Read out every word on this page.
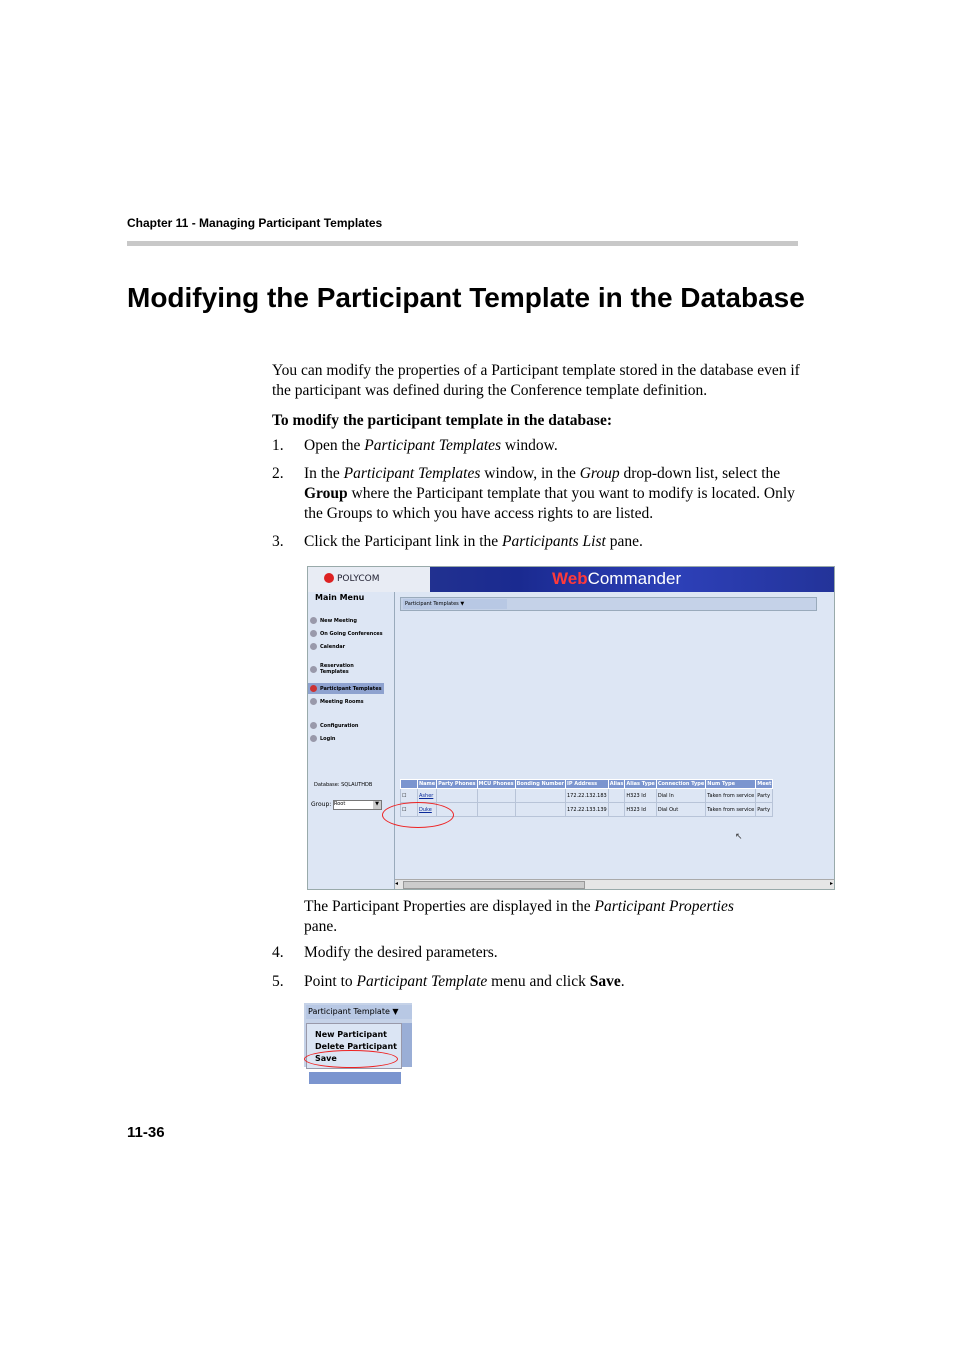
Chapter 11 - Managing Participant Templates
Modifying the Participant Template in the Database
You can modify the properties of a Participant template stored in the database even if the participant was defined during the Conference template definition.
To modify the participant template in the database:
1.	Open the Participant Templates window.
2.	In the Participant Templates window, in the Group drop-down list, select the Group where the Participant template that you want to modify is located. Only the Groups to which you have access rights to are listed.
3.	Click the Participant link in the Participants List pane.
POLYCOM	WebCommander
Main Menu
New Meeting
On Going Conferences
Calendar
Reservation Templates
Participant Templates
Meeting Rooms
Configuration
Login
Database: SQLAUTHDB
Group: Root	▼
Participant Templates ▼
	Name	Party Phones	MCU Phones	Bonding Number	IP Address	Alias	Alias Type	Connection Type	Num Type	Meet
☐	Asher				172.22.132.183		H323 Id	Dial In	Taken from service	Party
☐	Duke				172.22.133.139		H323 Id	Dial Out	Taken from service	Party
↖
◂	▸
The Participant Properties are displayed in the Participant Properties
pane.
4.	Modify the desired parameters.
5.	Point to Participant Template menu and click Save.
Participant Template ▼
New Participant
Delete Participant
Save
11-36
